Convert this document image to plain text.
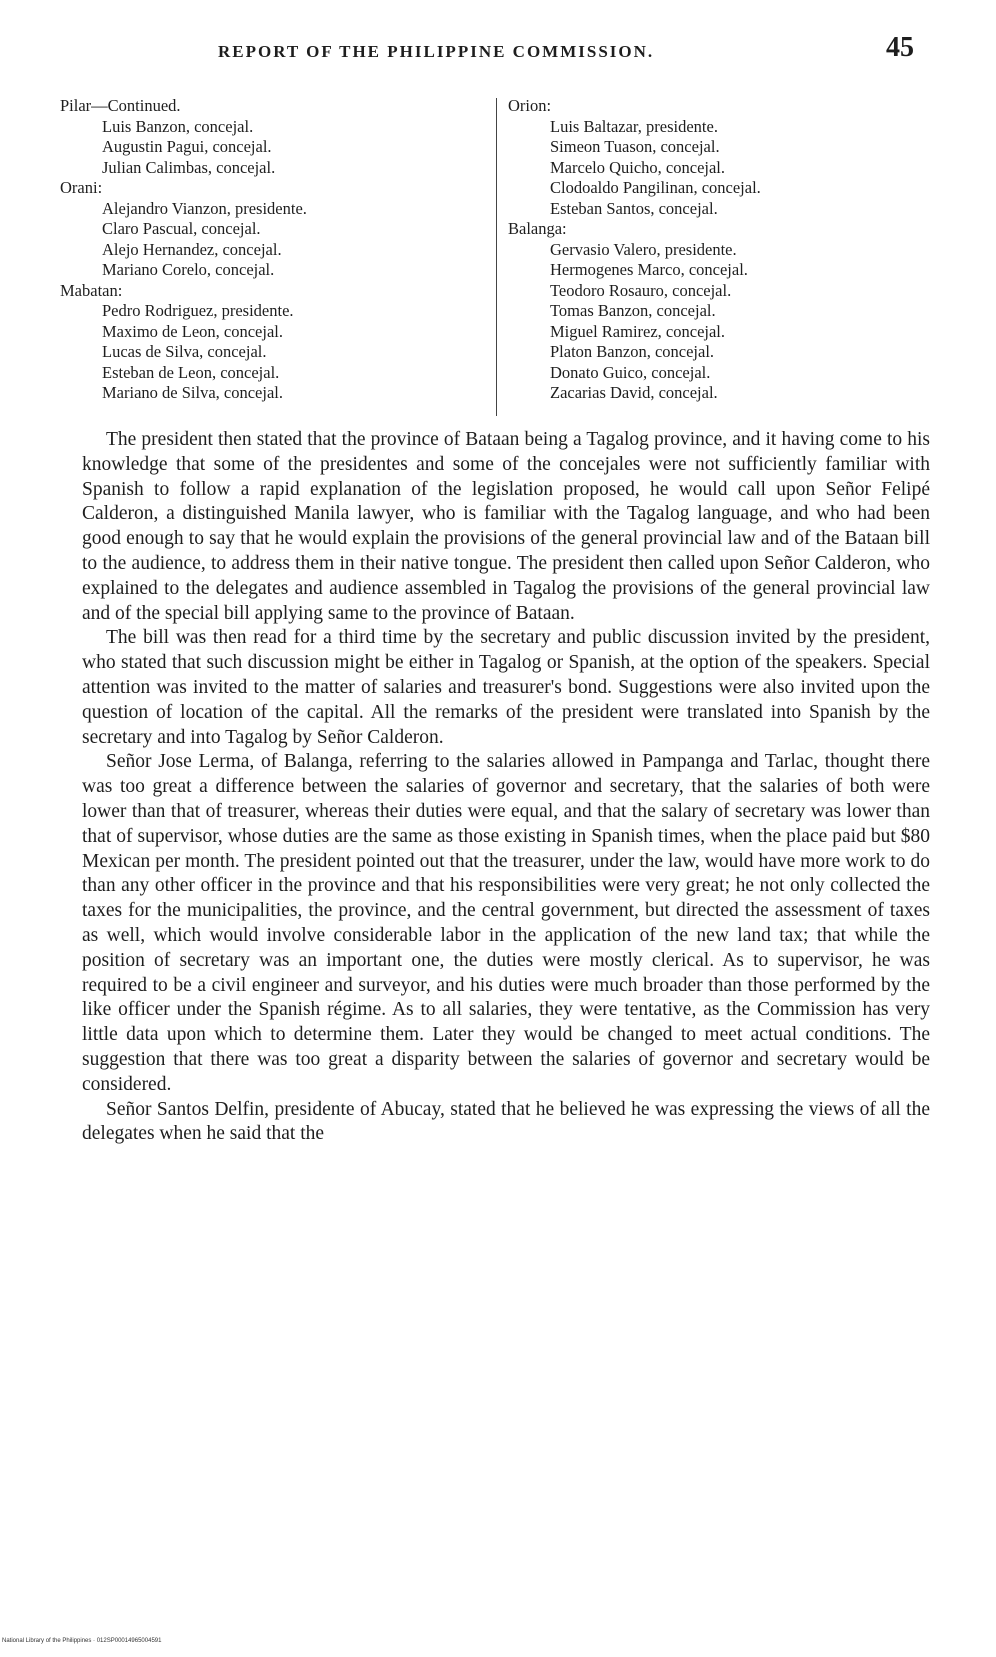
REPORT OF THE PHILIPPINE COMMISSION.	45

Pilar—Continued.

Luis Banzon, concejal.

Augustin Pagui, concejal.

Julian Calimbas, concejal.

Orani:

Alejandro Vianzon, presidente.

Claro Pascual, concejal.

Alejo Hernandez, concejal.

Mariano Corelo, concejal.

Mabatan:

Pedro Rodriguez, presidente.

Maximo de Leon, concejal.

Lucas de Silva, concejal.

Esteban de Leon, concejal.

Mariano de Silva, concejal.

Orion:

Luis Baltazar, presidente.

Simeon Tuason, concejal.

Marcelo Quicho, concejal.

Clodoaldo Pangilinan, concejal.

Esteban Santos, concejal.

Balanga:

Gervasio Valero, presidente.

Hermogenes Marco, concejal.

Teodoro Rosauro, concejal.

Tomas Banzon, concejal.

Miguel Ramirez, concejal.

Platon Banzon, concejal.

Donato Guico, concejal.

Zacarias David, concejal.

The president then stated that the province of Bataan being a Tagalog province, and it having come to his knowledge that some of the presidentes and some of the concejales were not sufficiently familiar with Spanish to follow a rapid explanation of the legislation proposed, he would call upon Señor Felipé Calderon, a distinguished Manila lawyer, who is familiar with the Tagalog language, and who had been good enough to say that he would explain the provisions of the general provincial law and of the Bataan bill to the audience, to address them in their native tongue. The president then called upon Señor Calderon, who explained to the delegates and audience assembled in Tagalog the provisions of the general provincial law and of the special bill applying same to the province of Bataan.

The bill was then read for a third time by the secretary and public discussion invited by the president, who stated that such discussion might be either in Tagalog or Spanish, at the option of the speakers. Special attention was invited to the matter of salaries and treasurer's bond. Suggestions were also invited upon the question of location of the capital. All the remarks of the president were translated into Spanish by the secretary and into Tagalog by Señor Calderon.

Señor Jose Lerma, of Balanga, referring to the salaries allowed in Pampanga and Tarlac, thought there was too great a difference between the salaries of governor and secretary, that the salaries of both were lower than that of treasurer, whereas their duties were equal, and that the salary of secretary was lower than that of supervisor, whose duties are the same as those existing in Spanish times, when the place paid but $80 Mexican per month. The president pointed out that the treasurer, under the law, would have more work to do than any other officer in the province and that his responsibilities were very great; he not only collected the taxes for the municipalities, the province, and the central government, but directed the assessment of taxes as well, which would involve considerable labor in the application of the new land tax; that while the position of secretary was an important one, the duties were mostly clerical. As to supervisor, he was required to be a civil engineer and surveyor, and his duties were much broader than those performed by the like officer under the Spanish régime. As to all salaries, they were tentative, as the Commission has very little data upon which to determine them. Later they would be changed to meet actual conditions. The suggestion that there was too great a disparity between the salaries of governor and secretary would be considered.

Señor Santos Delfin, presidente of Abucay, stated that he believed he was expressing the views of all the delegates when he said that the

National Library of the Philippines · 012SP00014965004591
